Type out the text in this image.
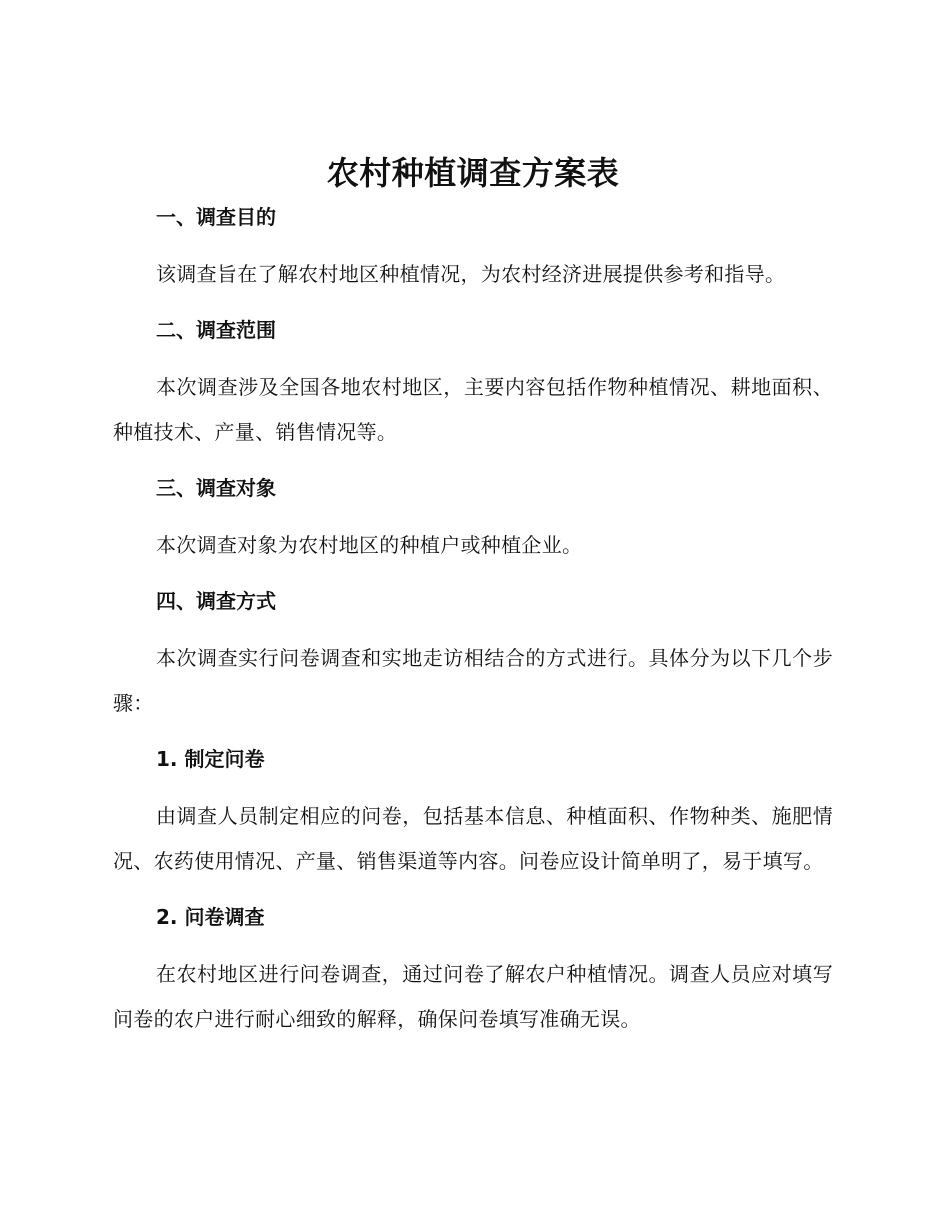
农村种植调查方案表
一、调查目的
该调查旨在了解农村地区种植情况，为农村经济进展提供参考和指导。
二、调查范围
本次调查涉及全国各地农村地区，主要内容包括作物种植情况、耕地面积、种植技术、产量、销售情况等。
三、调查对象
本次调查对象为农村地区的种植户或种植企业。
四、调查方式
本次调查实行问卷调查和实地走访相结合的方式进行。具体分为以下几个步骤：
1. 制定问卷
由调查人员制定相应的问卷，包括基本信息、种植面积、作物种类、施肥情况、农药使用情况、产量、销售渠道等内容。问卷应设计简单明了，易于填写。
2. 问卷调查
在农村地区进行问卷调查，通过问卷了解农户种植情况。调查人员应对填写问卷的农户进行耐心细致的解释，确保问卷填写准确无误。
